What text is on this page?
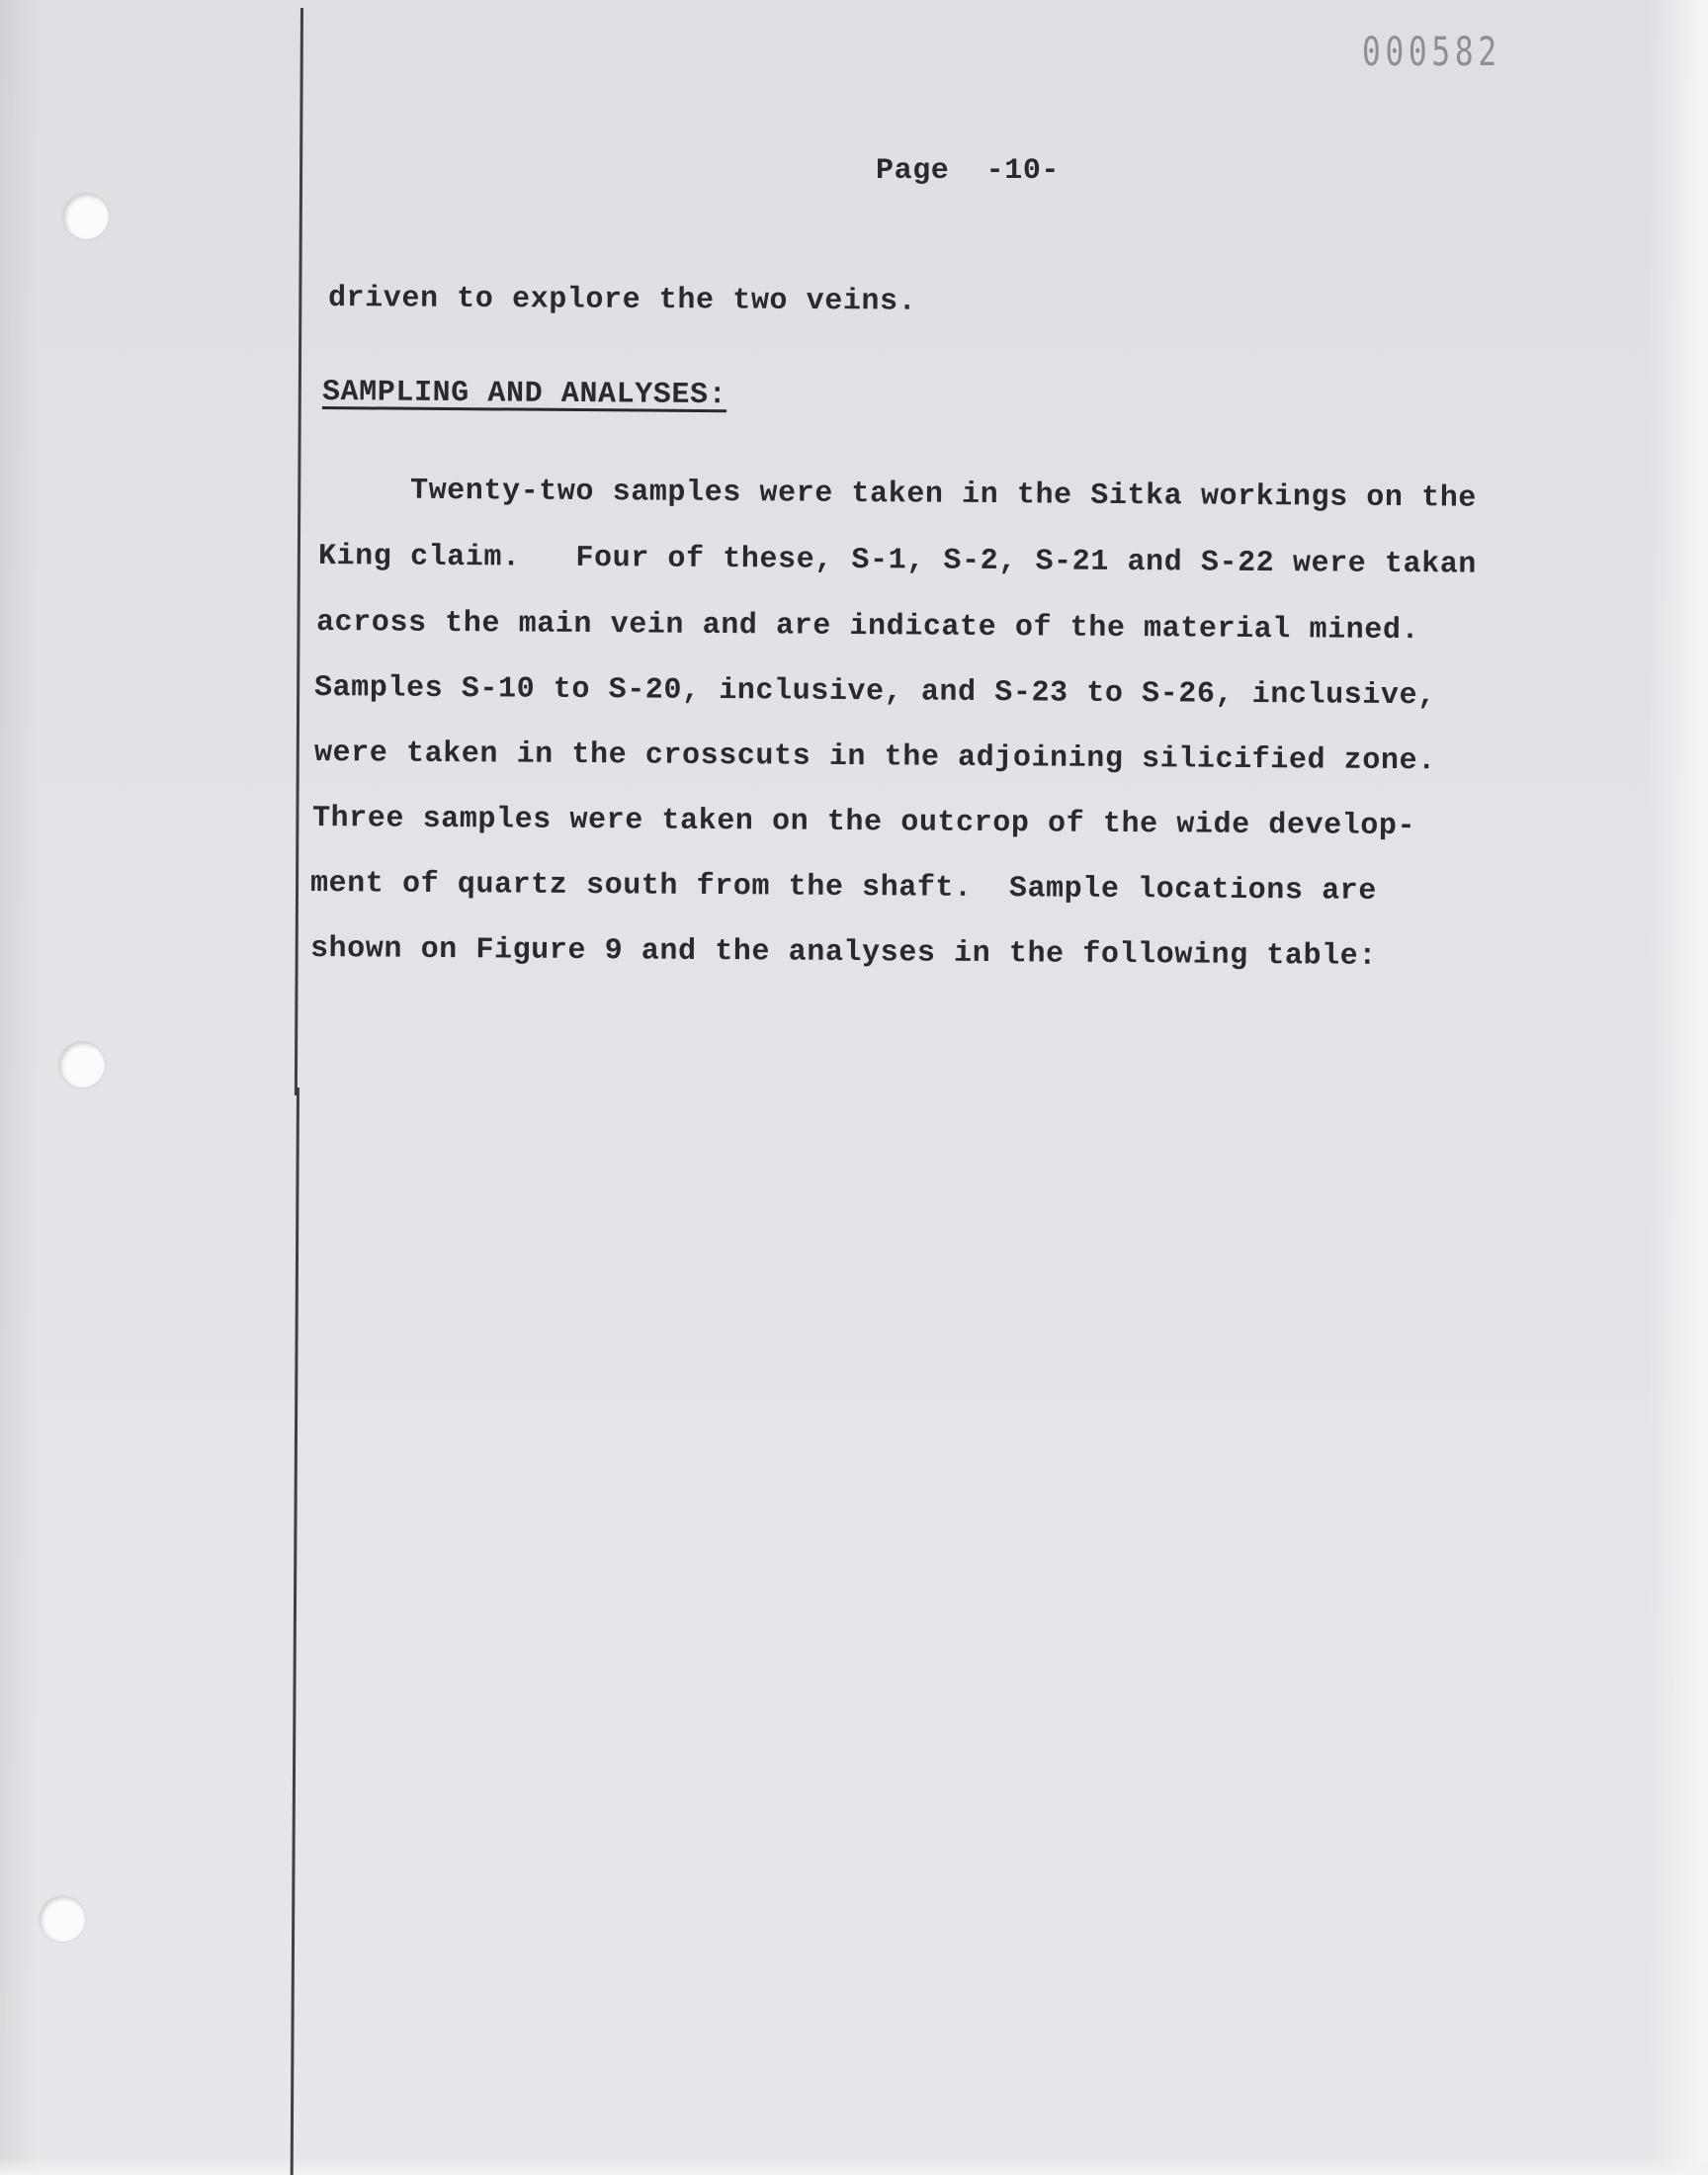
000582
Page  -10-
driven to explore the two veins.
SAMPLING AND ANALYSES:
Twenty-two samples were taken in the Sitka workings on the
King claim.   Four of these, S-1, S-2, S-21 and S-22 were takan
across the main vein and are indicate of the material mined.
Samples S-10 to S-20, inclusive, and S-23 to S-26, inclusive,
were taken in the crosscuts in the adjoining silicified zone.
Three samples were taken on the outcrop of the wide develop-
ment of quartz south from the shaft.  Sample locations are
shown on Figure 9 and the analyses in the following table:
